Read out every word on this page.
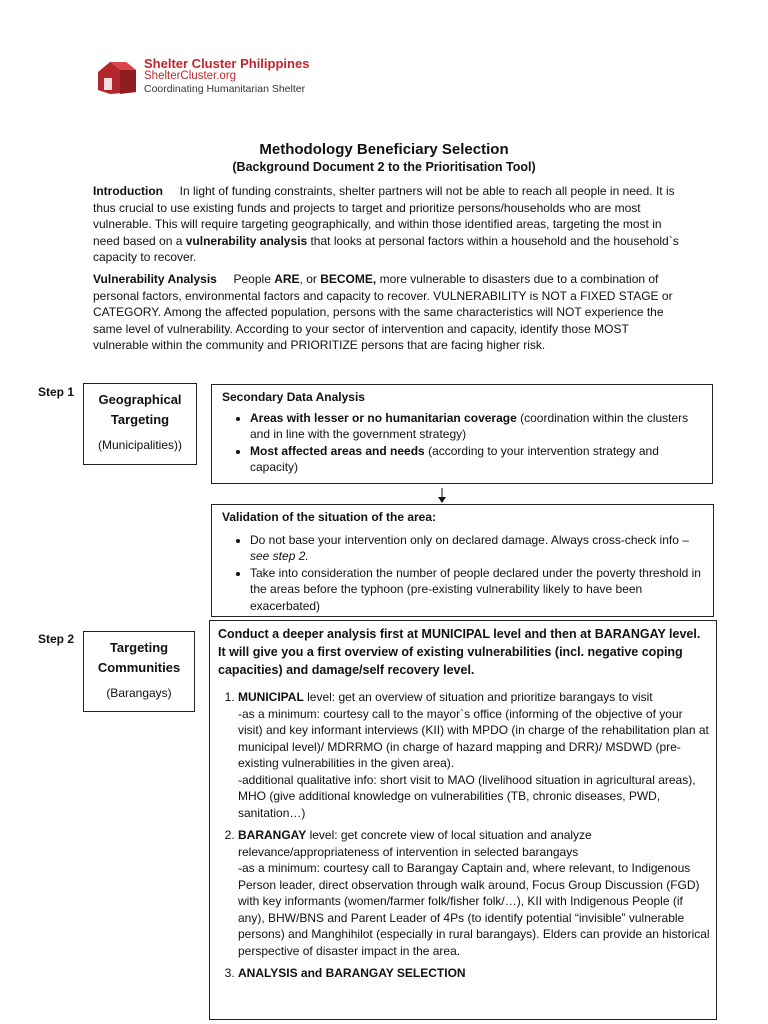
Shelter Cluster Philippines
ShelterCluster.org
Coordinating Humanitarian Shelter
Methodology Beneficiary Selection
(Background Document 2 to the Prioritisation Tool)
Introduction In light of funding constraints, shelter partners will not be able to reach all people in need. It is thus crucial to use existing funds and projects to target and prioritize persons/households who are most vulnerable. This will require targeting geographically, and within those identified areas, targeting the most in need based on a vulnerability analysis that looks at personal factors within a household and the household`s capacity to recover.
Vulnerability Analysis People ARE, or BECOME, more vulnerable to disasters due to a combination of personal factors, environmental factors and capacity to recover. VULNERABILITY is NOT a FIXED STAGE or CATEGORY. Among the affected population, persons with the same characteristics will NOT experience the same level of vulnerability. According to your sector of intervention and capacity, identify those MOST vulnerable within the community and PRIORITIZE persons that are facing higher risk.
Step 1	Geographical
Targeting
(Municipalities))
Secondary Data Analysis
• Areas with lesser or no humanitarian coverage (coordination within the clusters and in line with the government strategy)
• Most affected areas and needs (according to your intervention strategy and capacity)
Validation of the situation of the area:
• Do not base your intervention only on declared damage. Always cross-check info – see step 2.
• Take into consideration the number of people declared under the poverty threshold in the areas before the typhoon (pre-existing vulnerability likely to have been exacerbated)
Step 2
Targeting
Communities
(Barangays)
Conduct a deeper analysis first at MUNICIPAL level and then at BARANGAY level. It will give you a first overview of existing vulnerabilities (incl. negative coping capacities) and damage/self recovery level.
1. MUNICIPAL level: get an overview of situation and prioritize barangays to visit
-as a minimum: courtesy call to the mayor`s office (informing of the objective of your visit) and key informant interviews (KII) with MPDO (in charge of the rehabilitation plan at municipal level)/ MDRRMO (in charge of hazard mapping and DRR)/ MSDWD (pre-existing vulnerabilities in the given area).
-additional qualitative info: short visit to MAO (livelihood situation in agricultural areas), MHO (give additional knowledge on vulnerabilities (TB, chronic diseases, PWD, sanitation…)
2. BARANGAY level: get concrete view of local situation and analyze relevance/appropriateness of intervention in selected barangays
-as a minimum: courtesy call to Barangay Captain and, where relevant, to Indigenous Person leader, direct observation through walk around, Focus Group Discussion (FGD) with key informants (women/farmer folk/fisher folk/…), KII with Indigenous People (if any), BHW/BNS and Parent Leader of 4Ps (to identify potential “invisible” vulnerable persons) and Manghihilot (especially in rural barangays). Elders can provide an historical perspective of disaster impact in the area.
3. ANALYSIS and BARANGAY SELECTION
